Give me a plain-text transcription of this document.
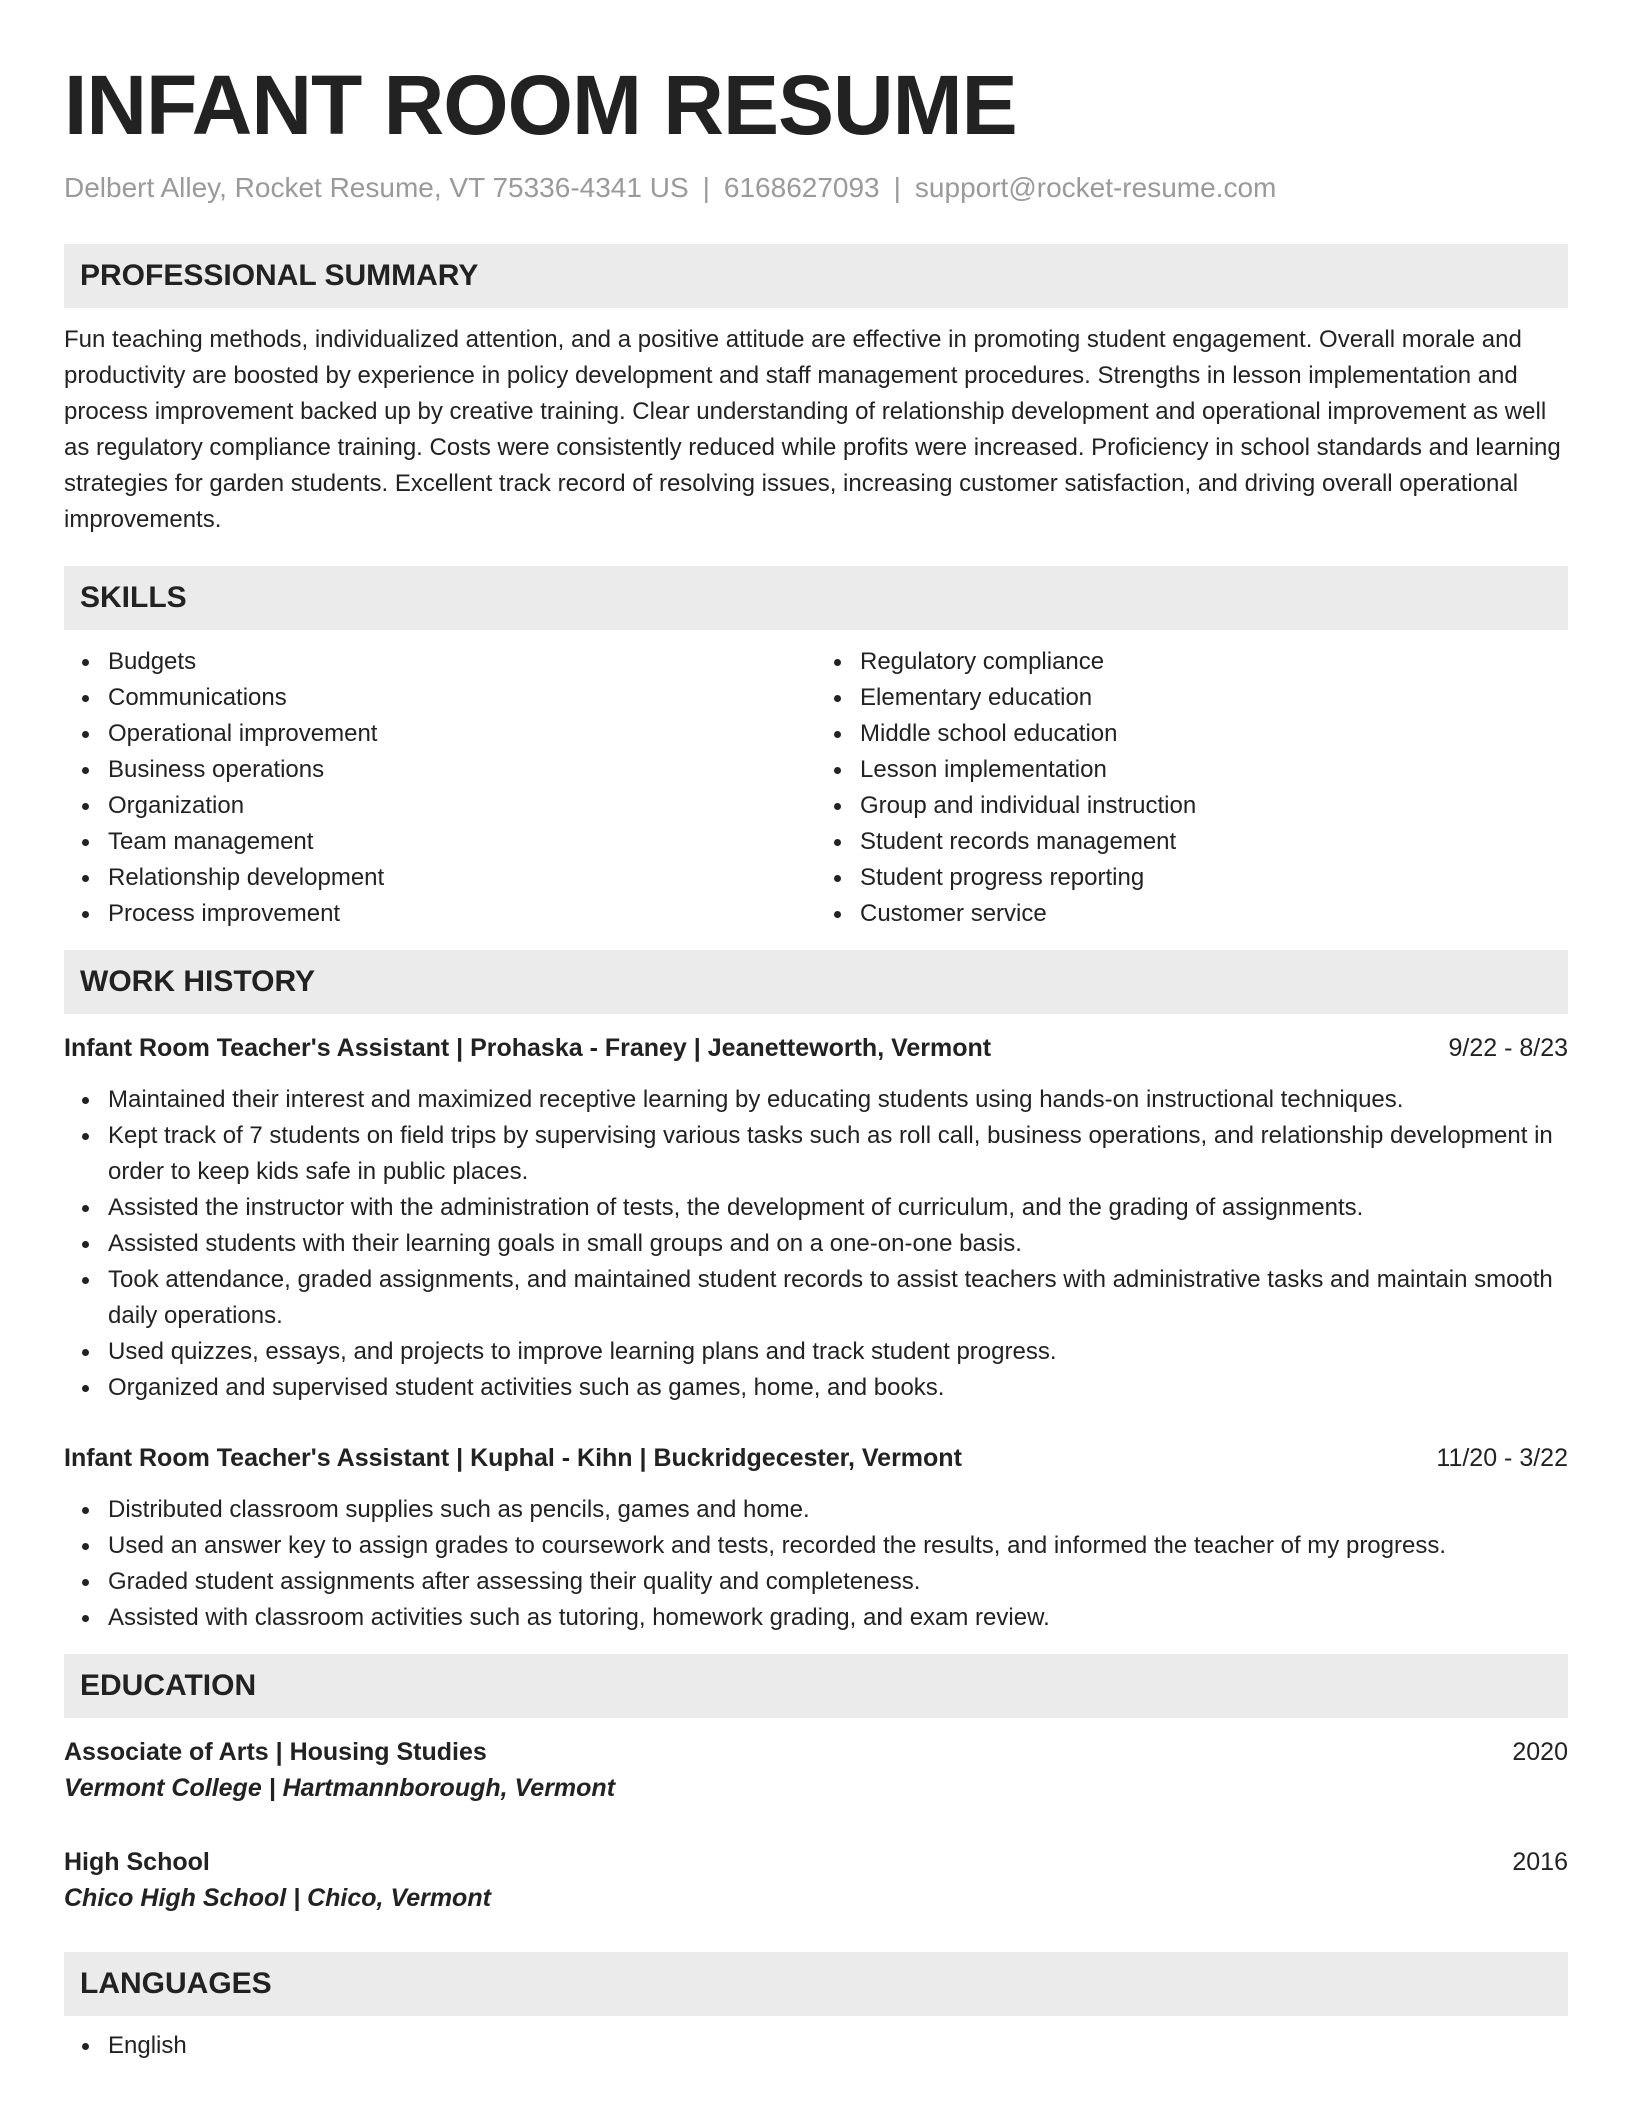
INFANT ROOM RESUME
Delbert Alley, Rocket Resume, VT 75336-4341 US | 6168627093 | support@rocket-resume.com
PROFESSIONAL SUMMARY

Fun teaching methods, individualized attention, and a positive attitude are effective in promoting student engagement. Overall morale and productivity are boosted by experience in policy development and staff management procedures. Strengths in lesson implementation and process improvement backed up by creative training. Clear understanding of relationship development and operational improvement as well as regulatory compliance training. Costs were consistently reduced while profits were increased. Proficiency in school standards and learning strategies for garden students. Excellent track record of resolving issues, increasing customer satisfaction, and driving overall operational improvements.

SKILLS
Budgets
Communications
Operational improvement
Business operations
Organization
Team management
Relationship development
Process improvement
Regulatory compliance
Elementary education
Middle school education
Lesson implementation
Group and individual instruction
Student records management
Student progress reporting
Customer service
WORK HISTORY
Infant Room Teacher's Assistant | Prohaska - Franey | Jeanetteworth, Vermont	9/22 - 8/23
Maintained their interest and maximized receptive learning by educating students using hands-on instructional techniques.
Kept track of 7 students on field trips by supervising various tasks such as roll call, business operations, and relationship development in order to keep kids safe in public places.
Assisted the instructor with the administration of tests, the development of curriculum, and the grading of assignments.
Assisted students with their learning goals in small groups and on a one-on-one basis.
Took attendance, graded assignments, and maintained student records to assist teachers with administrative tasks and maintain smooth daily operations.
Used quizzes, essays, and projects to improve learning plans and track student progress.
Organized and supervised student activities such as games, home, and books.
Infant Room Teacher's Assistant | Kuphal - Kihn | Buckridgecester, Vermont	11/20 - 3/22
Distributed classroom supplies such as pencils, games and home.
Used an answer key to assign grades to coursework and tests, recorded the results, and informed the teacher of my progress.
Graded student assignments after assessing their quality and completeness.
Assisted with classroom activities such as tutoring, homework grading, and exam review.
EDUCATION
Associate of Arts | Housing Studies	2020
Vermont College | Hartmannborough, Vermont
High School	2016
Chico High School | Chico, Vermont
LANGUAGES
English
